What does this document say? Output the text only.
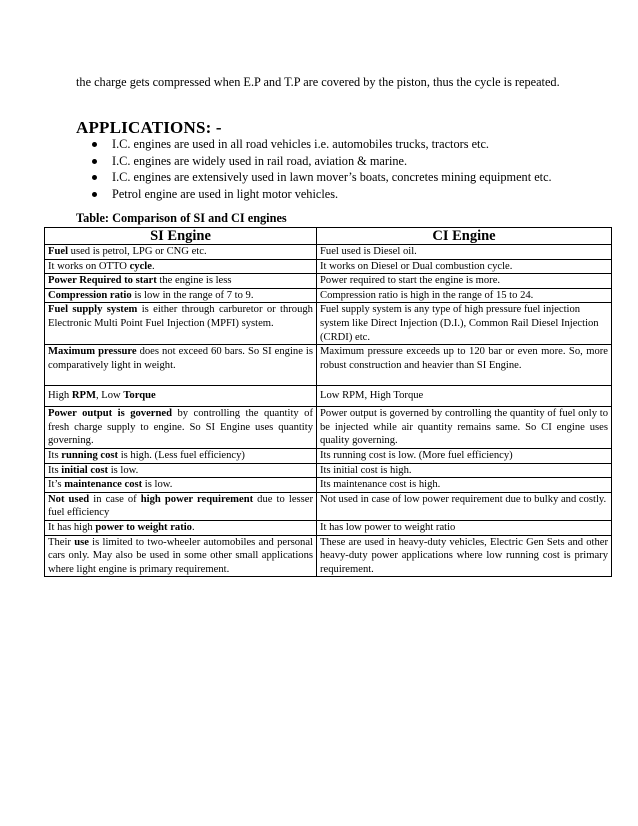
the charge gets compressed when E.P and T.P are covered by the piston, thus the cycle is repeated.
APPLICATIONS: -
I.C. engines are used in all road vehicles i.e. automobiles trucks, tractors etc.
I.C. engines are widely used in rail road, aviation & marine.
I.C. engines are extensively used in lawn mover’s boats, concretes mining equipment etc.
Petrol engine are used in light motor vehicles.
Table: Comparison of SI and CI engines
SI Engine	CI Engine
Fuel used is petrol, LPG or CNG etc.	Fuel used is Diesel oil.
It works on OTTO cycle.	It works on Diesel or Dual combustion cycle.
Power Required to start the engine is less	Power required to start the engine is more.
Compression ratio is low in the range of 7 to 9.	Compression ratio is high in the range of 15 to 24.
Fuel supply system is either through carburetor or through Electronic Multi Point Fuel Injection (MPFI) system.	Fuel supply system is any type of high pressure fuel injection system like Direct Injection (D.I.), Common Rail Diesel Injection (CRDI) etc.
Maximum pressure does not exceed 60 bars. So SI engine is comparatively light in weight.	Maximum pressure exceeds up to 120 bar or even more. So, more robust construction and heavier than SI Engine.
High RPM, Low Torque	Low RPM, High Torque
Power output is governed by controlling the quantity of fresh charge supply to engine. So SI Engine uses quantity governing.	Power output is governed by controlling the quantity of fuel only to be injected while air quantity remains same. So CI engine uses quality governing.
Its running cost is high. (Less fuel efficiency)	Its running cost is low. (More fuel efficiency)
Its initial cost is low.	Its initial cost is high.
It’s maintenance cost is low.	Its maintenance cost is high.
Not used in case of high power requirement due to lesser fuel efficiency	Not used in case of low power requirement due to bulky and costly.
It has high power to weight ratio.	It has low power to weight ratio
Their use is limited to two-wheeler automobiles and personal cars only. May also be used in some other small applications where light engine is primary requirement.	These are used in heavy-duty vehicles, Electric Gen Sets and other heavy-duty power applications where low running cost is primary requirement.
